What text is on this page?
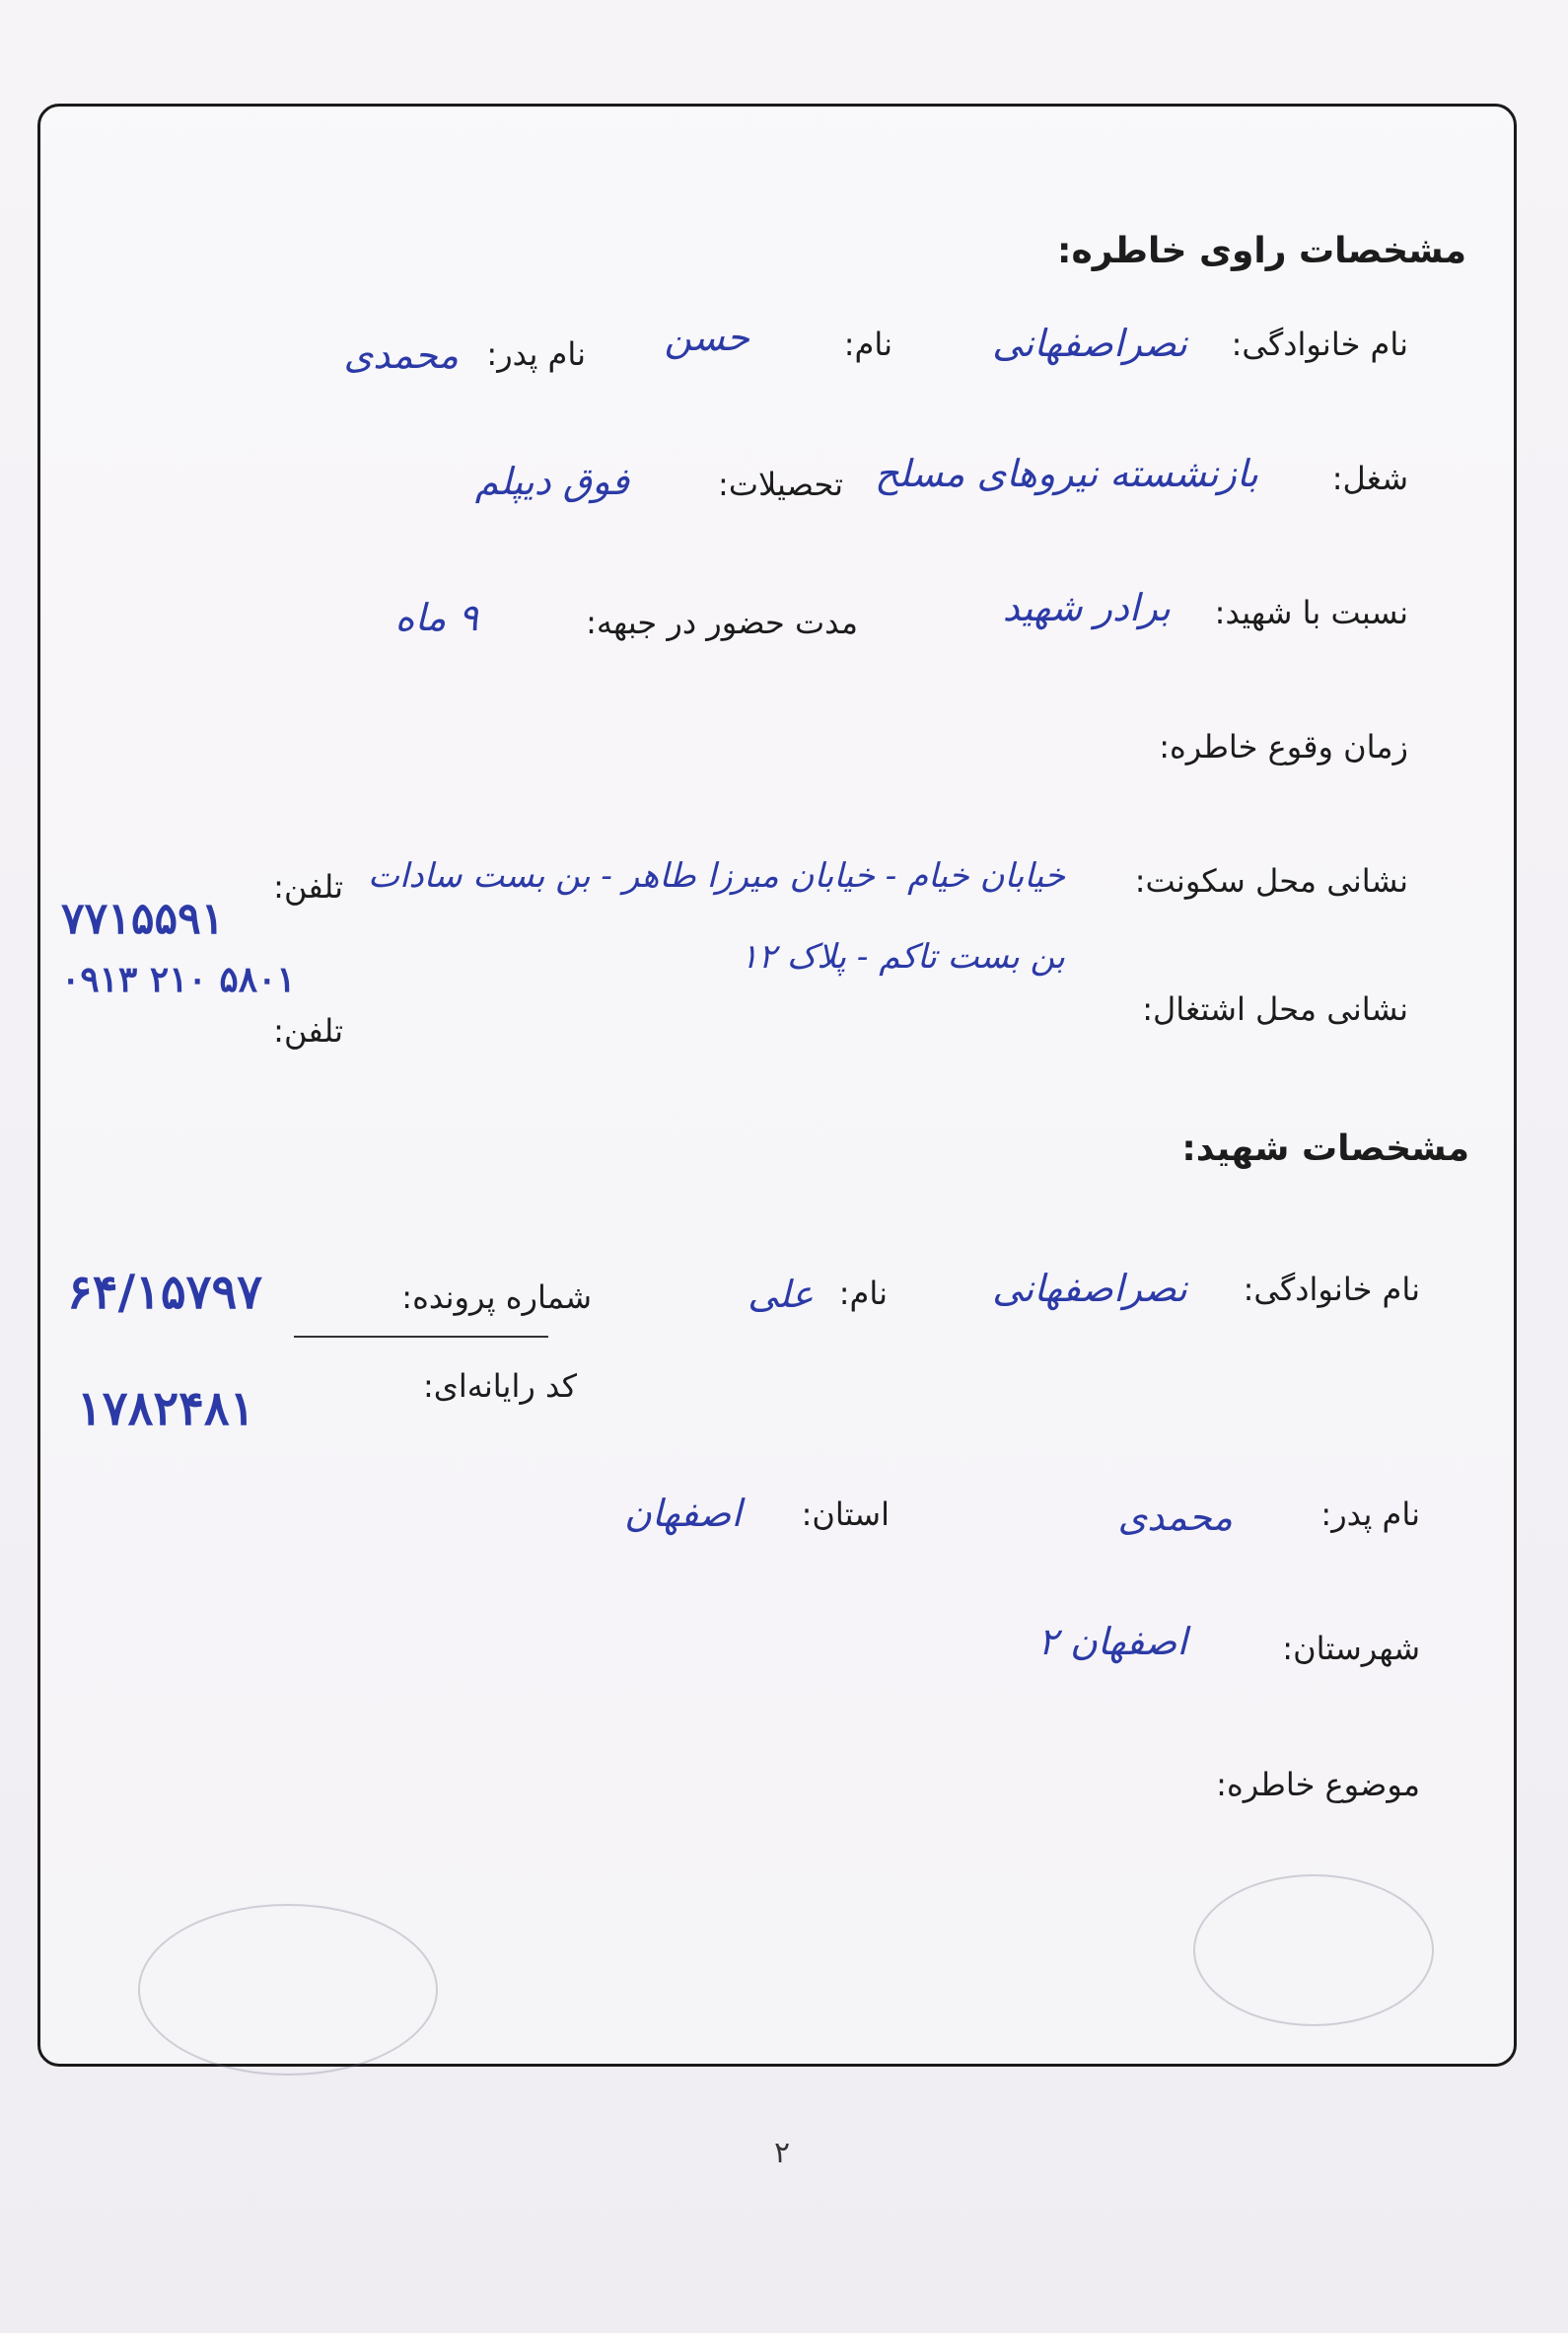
مشخصات راوی خاطره:
نام خانوادگی:
نصراصفهانی
نام:
حسن
نام پدر:
محمدی
شغل:
بازنشسته نیروهای مسلح
تحصیلات:
فوق دیپلم
نسبت با شهید:
برادر شهید
مدت حضور در جبهه:
۹ ماه
زمان وقوع خاطره:
نشانی محل سکونت:
خیابان خیام - خیابان میرزا طاهر - بن بست سادات
تلفن:
۷۷۱۵۵۹۱
بن بست تاکم - پلاک ۱۲
۰۹۱۳ ۲۱۰ ۵۸۰۱
نشانی محل اشتغال:
تلفن:
مشخصات شهید:
نام خانوادگی:
نصراصفهانی
نام:
علی
شماره پرونده:
۶۴/۱۵۷۹۷
کد رایانه‌ای:
۱۷۸۲۴۸۱
نام پدر:
محمدی
استان:
اصفهان
شهرستان:
اصفهان ۲
موضوع خاطره:
۲
